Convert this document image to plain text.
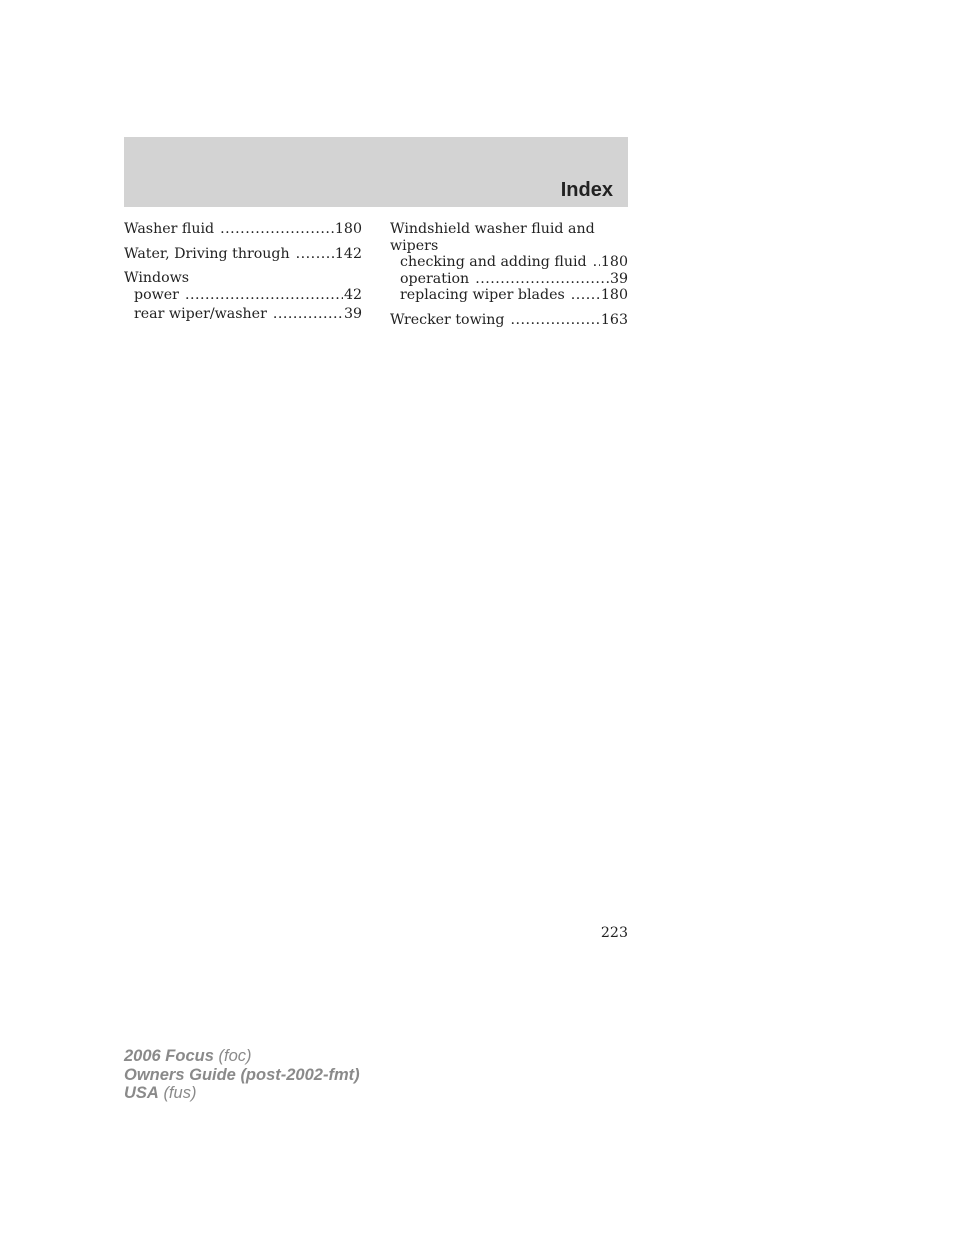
Index
Washer fluid .....	180
Water, Driving through .....	142
Windows
power .....	42
rear wiper/washer .....	39
Windshield washer fluid and wipers
checking and adding fluid ..... 180
operation .....	39
replacing wiper blades .....	180
Wrecker towing .....	163
223
2006 Focus (foc)
Owners Guide (post-2002-fmt)
USA (fus)
